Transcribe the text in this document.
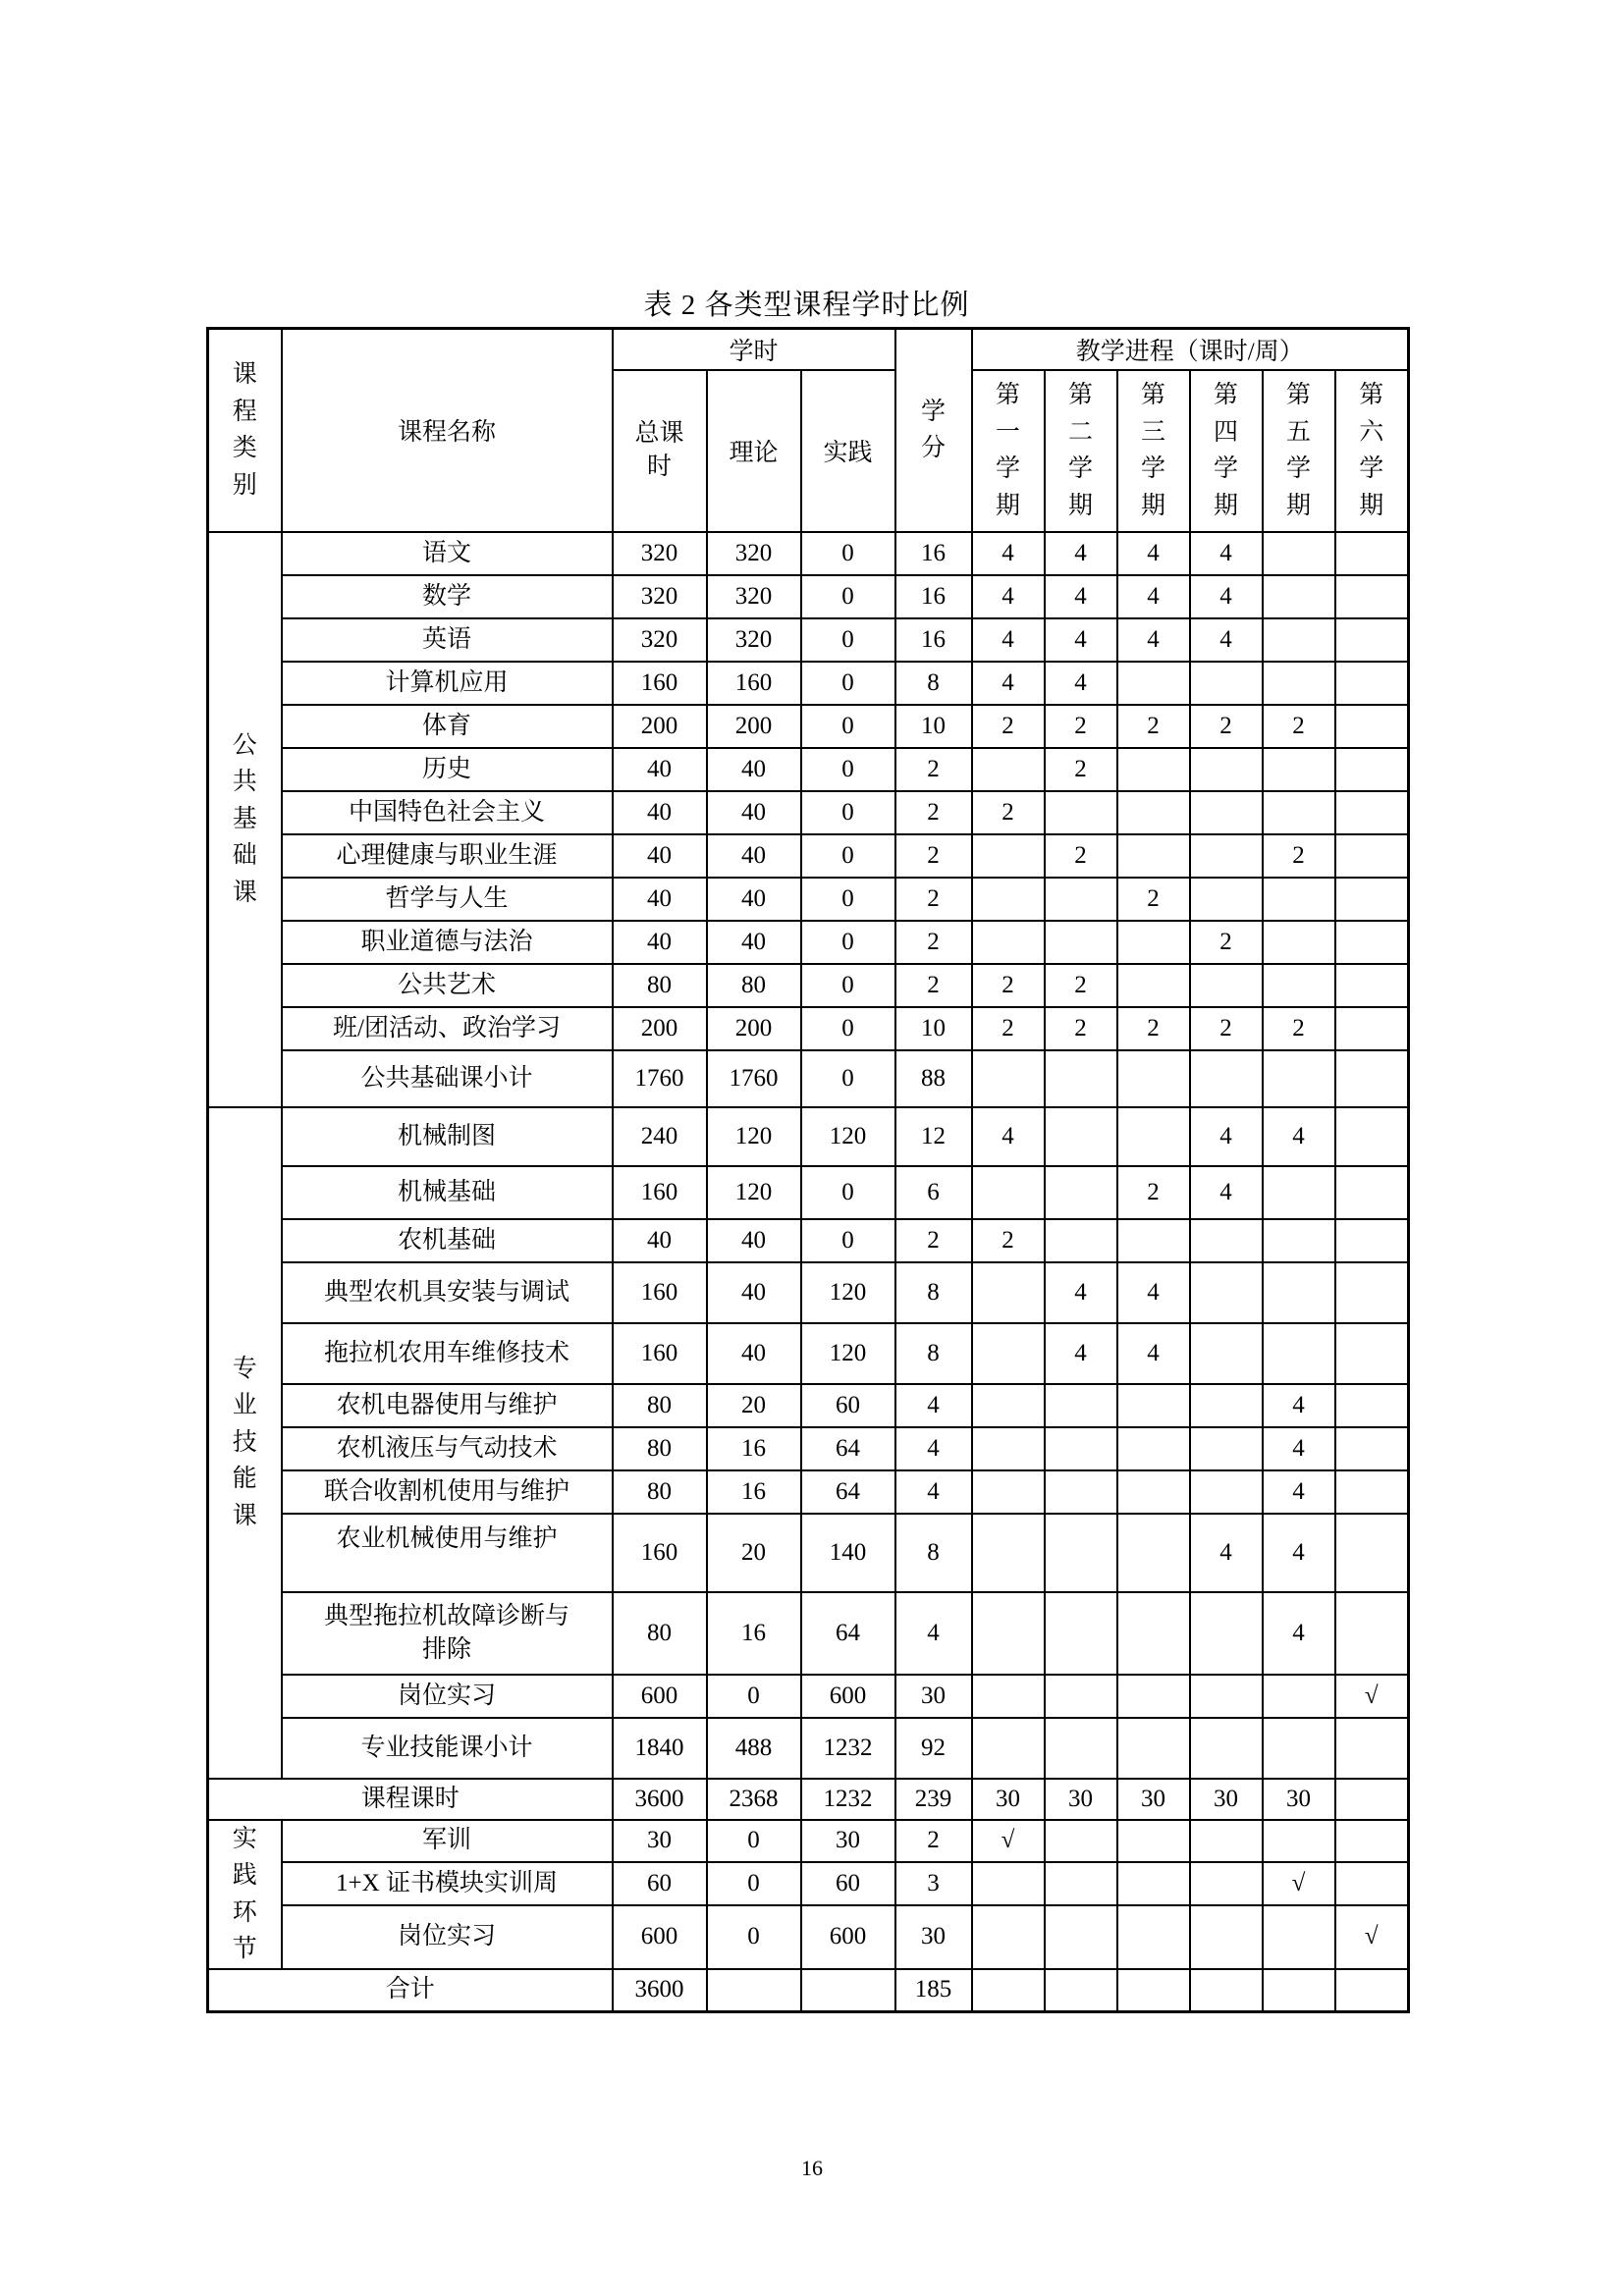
表 2 各类型课程学时比例
课程类别	课程名称	学时			学分	教学进程（课时/周）					

		总课时	理论	实践		第一学期	第二学期	第三学期	第四学期	第五学期	第六学期

公共基础课	语文	320	320	0	16	4	4	4	4		
	数学	320	320	0	16	4	4	4	4		
	英语	320	320	0	16	4	4	4	4		
	计算机应用	160	160	0	8	4	4				
	体育	200	200	0	10	2	2	2	2	2	
	历史	40	40	0	2		2				
	中国特色社会主义	40	40	0	2	2					
	心理健康与职业生涯	40	40	0	2		2			2	
	哲学与人生	40	40	0	2			2			
	职业道德与法治	40	40	0	2				2		
	公共艺术	80	80	0	2	2	2				
	班/团活动、政治学习	200	200	0	10	2	2	2	2	2	
	公共基础课小计	1760	1760	0	88						

专业技能课	机械制图	240	120	120	12	4			4	4	
	机械基础	160	120	0	6			2	4		
	农机基础	40	40	0	2	2					
	典型农机具安装与调试	160	40	120	8		4	4			
	拖拉机农用车维修技术	160	40	120	8		4	4			
	农机电器使用与维护	80	20	60	4					4	
	农机液压与气动技术	80	16	64	4					4	
	联合收割机使用与维护	80	16	64	4					4	
	农业机械使用与维护	160	20	140	8				4	4	
	典型拖拉机故障诊断与排除	80	16	64	4					4	
	岗位实习	600	0	600	30						√
	专业技能课小计	1840	488	1232	92						
课程课时		3600	2368	1232	239	30	30	30	30	30	

实践环节	军训	30	0	30	2	√					
	1+X 证书模块实训周	60	0	60	3					√	
	岗位实习	600	0	600	30						√
合计		3600			185						
16
